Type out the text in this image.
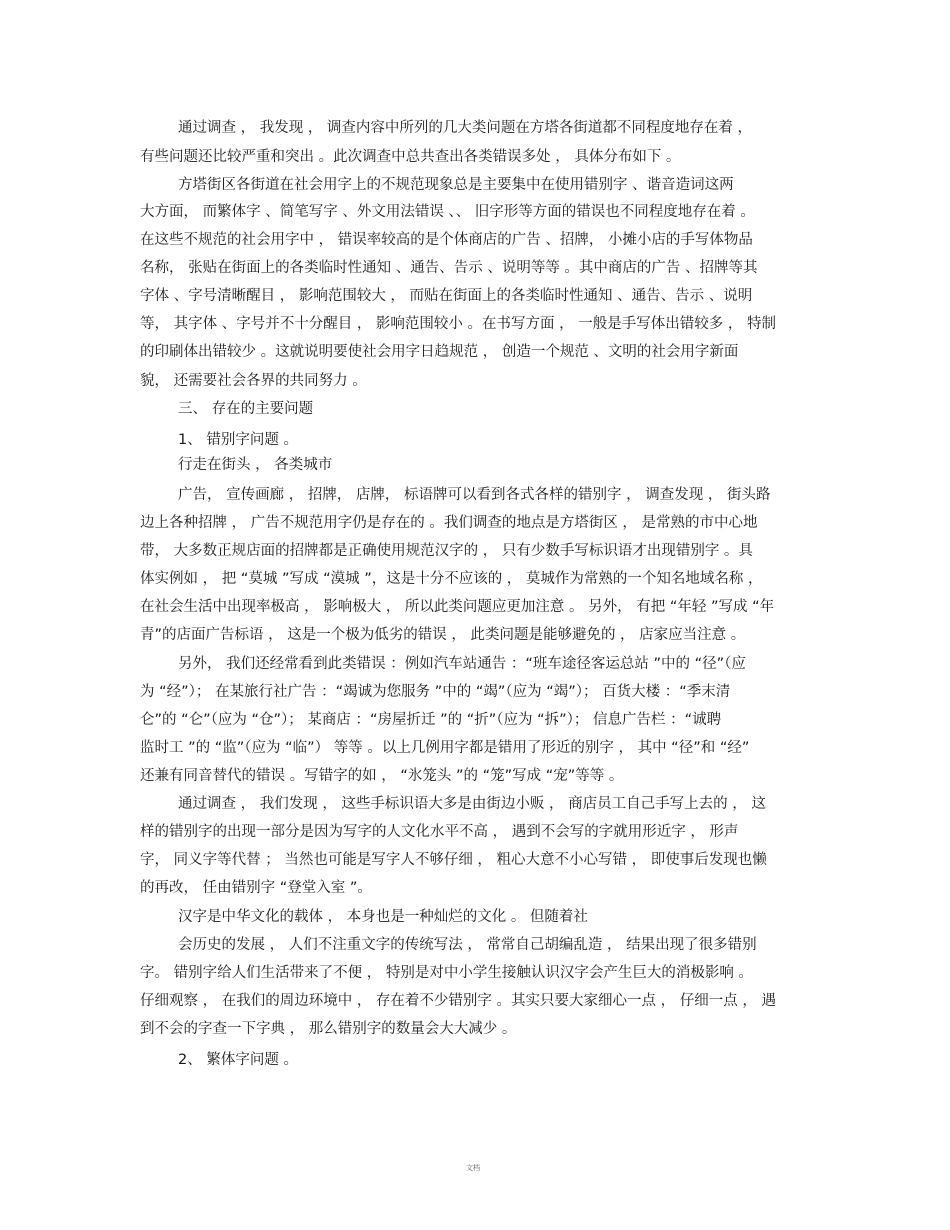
通过调查 ， 我发现 ， 调查内容中所列的几大类问题在方塔各街道都不同程度地存在着 ，
有些问题还比较严重和突出 。此次调查中总共查出各类错误多处 ， 具体分布如下 。
方塔街区各街道在社会用字上的不规范现象总是主要集中在使用错别字 、谐音造词这两
大方面， 而繁体字 、简笔写字 、外文用法错误 、、 旧字形等方面的错误也不同程度地存在着 。
在这些不规范的社会用字中 ， 错误率较高的是个体商店的广告 、招牌， 小摊小店的手写体物品
名称， 张贴在街面上的各类临时性通知 、通告、告示 、说明等等 。其中商店的广告 、招牌等其
字体 、字号清晰醒目 ， 影响范围较大 ， 而贴在街面上的各类临时性通知 、通告、告示 、说明
等， 其字体 、字号并不十分醒目 ， 影响范围较小 。在书写方面 ， 一般是手写体出错较多 ， 特制
的印刷体出错较少 。这就说明要使社会用字日趋规范 ， 创造一个规范 、文明的社会用字新面
貌， 还需要社会各界的共同努力 。
三、 存在的主要问题
1、 错别字问题 。
行走在街头 ， 各类城市
广告， 宣传画廊 ， 招牌， 店牌， 标语牌可以看到各式各样的错别字 ， 调查发现 ， 街头路
边上各种招牌 ， 广告不规范用字仍是存在的 。我们调查的地点是方塔街区 ， 是常熟的市中心地
带， 大多数正规店面的招牌都是正确使用规范汉字的 ， 只有少数手写标识语才出现错别字 。具
体实例如 ， 把 “莫城 ”写成 “漠城 ”，这是十分不应该的 ， 莫城作为常熟的一个知名地域名称 ，
在社会生活中出现率极高 ， 影响极大 ， 所以此类问题应更加注意 。 另外， 有把 “年轻 ”写成 “年
青”的店面广告标语 ， 这是一个极为低劣的错误 ， 此类问题是能够避免的 ， 店家应当注意 。
另外， 我们还经常看到此类错误 ：例如汽车站通告 ：“班车途径客运总站 ”中的 “径”（应
为 “经”）； 在某旅行社广告 ：“竭诚为您服务 ”中的 “竭”（应为 “竭”）； 百货大楼 ：“季末清
仑”的 “仑”（应为 “仓”）； 某商店 ：“房屋折迁 ”的 “折”（应为 “拆”）； 信息广告栏 ：“诚聘
监时工 ”的 “监”（应为 “临”） 等等 。以上几例用字都是错用了形近的别字 ， 其中 “径”和 “经”
还兼有同音替代的错误 。写错字的如 ， “氷笼头 ”的 “笼”写成 “宠”等等 。
通过调查 ， 我们发现 ， 这些手标识语大多是由街边小贩 ， 商店员工自己手写上去的 ， 这
样的错别字的出现一部分是因为写字的人文化水平不高 ， 遇到不会写的字就用形近字 ， 形声
字， 同义字等代替 ； 当然也可能是写字人不够仔细 ， 粗心大意不小心写错 ， 即使事后发现也懒
的再改， 任由错别字 “登堂入室 ”。
汉字是中华文化的载体 ， 本身也是一种灿烂的文化 。 但随着社
会历史的发展 ， 人们不注重文字的传统写法 ， 常常自己胡编乱造 ， 结果出现了很多错别
字。 错别字给人们生活带来了不便 ， 特别是对中小学生接触认识汉字会产生巨大的消极影响 。
仔细观察 ， 在我们的周边环境中 ， 存在着不少错别字 。其实只要大家细心一点 ， 仔细一点 ， 遇
到不会的字查一下字典 ， 那么错别字的数量会大大减少 。
2、 繁体字问题 。
文档
